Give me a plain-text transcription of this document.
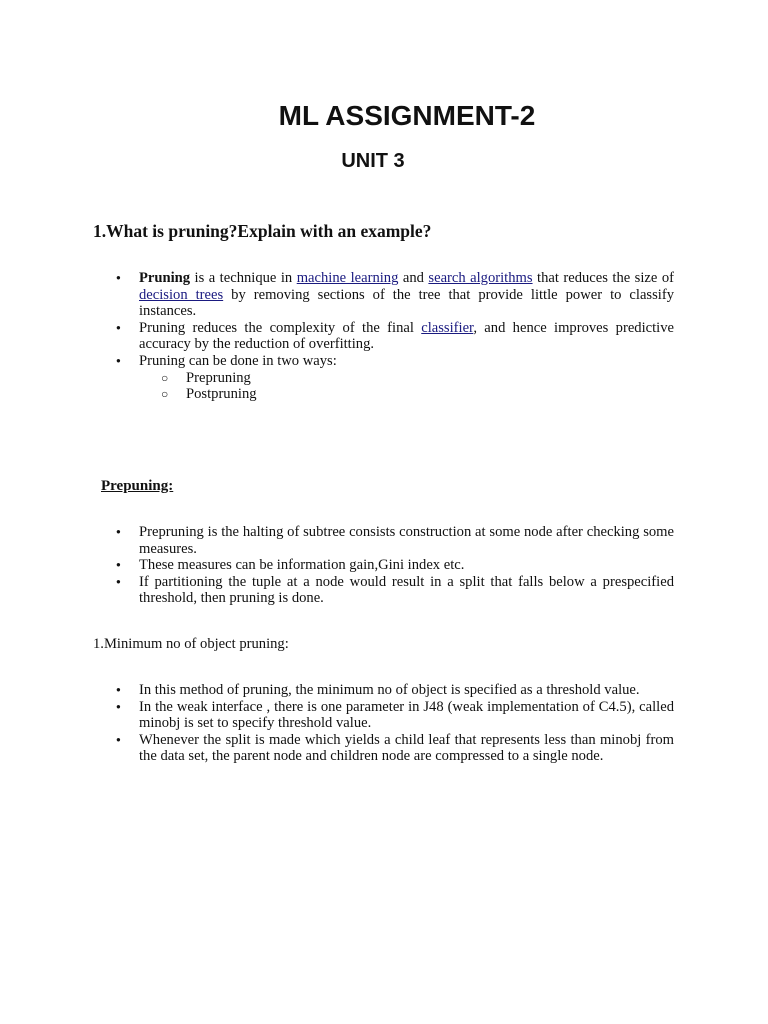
ML ASSIGNMENT-2
UNIT 3
1.What is pruning?Explain with an example?
● Pruning is a technique in machine learning and search algorithms that reduces the size of decision trees by removing sections of the tree that provide little power to classify instances.
● Pruning reduces the complexity of the final classifier, and hence improves predictive accuracy by the reduction of overfitting.
● Pruning can be done in two ways:
○ Prepruning
○ Postpruning
Prepuning:
● Prepruning is the halting of subtree consists construction at some node after checking some measures.
● These measures can be information gain,Gini index etc.
● If partitioning the tuple at a node would result in a split that falls below a prespecified threshold, then pruning is done.

1.Minimum no of object pruning:

● In this method of pruning, the minimum no of object is specified as a threshold value.
● In the weak interface , there is one parameter in J48 (weak implementation of C4.5), called minobj is set to specify threshold value.
● Whenever the split is made which yields a child leaf that represents less than minobj from the data set, the parent node and children node are compressed to a single node.
